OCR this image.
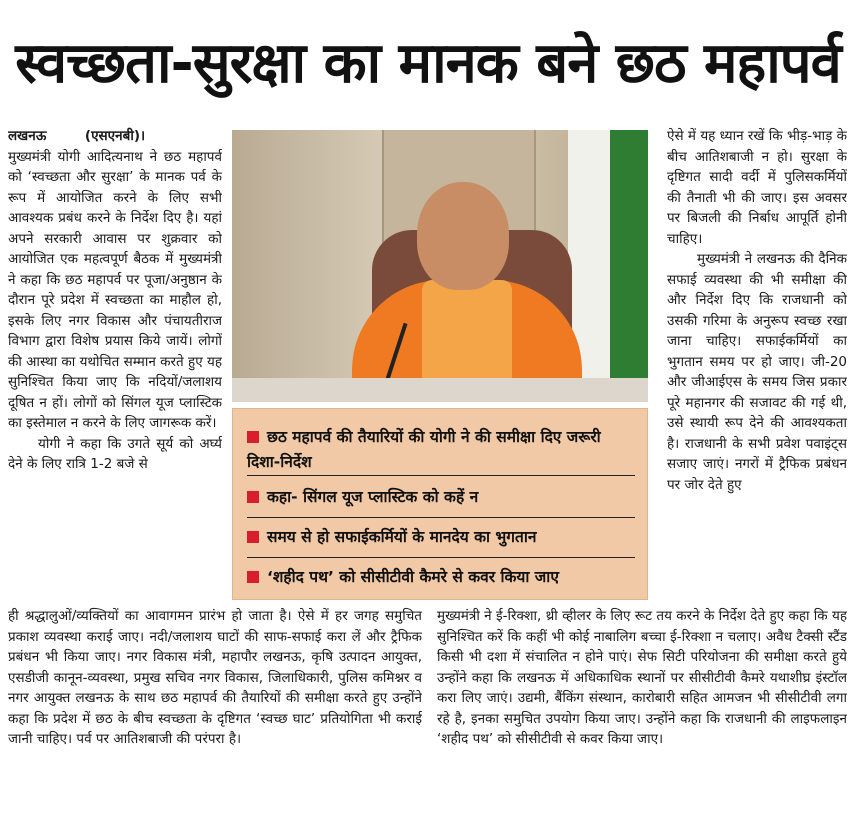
स्वच्छता-सुरक्षा का मानक बने छठ महापर्व

लखनऊ	(एसएनबी)।

मुख्यमंत्री योगी आदित्यनाथ ने छठ महापर्व को ‘स्वच्छता और सुरक्षा’ के मानक पर्व के रूप में आयोजित करने के लिए सभी आवश्यक प्रबंध करने के निर्देश दिए है। यहां अपने सरकारी आवास पर शुक्रवार को आयोजित एक महत्वपूर्ण बैठक में मुख्यमंत्री ने कहा कि छठ महापर्व पर पूजा/अनुष्ठान के दौरान पूरे प्रदेश में स्वच्छता का माहौल हो, इसके लिए नगर विकास और पंचायतीराज विभाग द्वारा विशेष प्रयास किये जायें। लोगों की आस्था का यथोचित सम्मान करते हुए यह सुनिश्चित किया जाए कि नदियों/जलाशय दूषित न हों। लोगों को सिंगल यूज प्लास्टिक का इस्तेमाल न करने के लिए जागरूक करें।

योगी ने कहा कि उगते सूर्य को अर्घ्य देने के लिए रात्रि 1-2 बजे से

छठ महापर्व की तैयारियों की योगी ने की समीक्षा दिए जरूरी दिशा-निर्देश
कहा- सिंगल यूज प्लास्टिक को कहें न
समय से हो सफाईकर्मियों के मानदेय का भुगतान
‘शहीद पथ’ को सीसीटीवी कैमरे से कवर किया जाए

ऐसे में यह ध्यान रखें कि भीड़-भाड़ के बीच आतिशबाजी न हो। सुरक्षा के दृष्टिगत सादी वर्दी में पुलिसकर्मियों की तैनाती भी की जाए। इस अवसर पर बिजली की निर्बाध आपूर्ति होनी चाहिए।

मुख्यमंत्री ने लखनऊ की दैनिक सफाई व्यवस्था की भी समीक्षा की और निर्देश दिए कि राजधानी को उसकी गरिमा के अनुरूप स्वच्छ रखा जाना चाहिए। सफाईकर्मियों का भुगतान समय पर हो जाए। जी-20 और जीआईएस के समय जिस प्रकार पूरे महानगर की सजावट की गई थी, उसे स्थायी रूप देने की आवश्यकता है। राजधानी के सभी प्रवेश पवाइंट्स सजाए जाएं। नगरों में ट्रैफिक प्रबंधन पर जोर देते हुए

ही श्रद्धालुओं/व्यक्तियों का आवागमन प्रारंभ हो जाता है। ऐसे में हर जगह समुचित प्रकाश व्यवस्था कराई जाए। नदी/जलाशय घाटों की साफ-सफाई करा लें और ट्रैफिक प्रबंधन भी किया जाए। नगर विकास मंत्री, महापौर लखनऊ, कृषि उत्पादन आयुक्त, एसडीजी कानून-व्यवस्था, प्रमुख सचिव नगर विकास, जिलाधिकारी, पुलिस कमिश्नर व नगर आयुक्त लखनऊ के साथ छठ महापर्व की तैयारियों की समीक्षा करते हुए उन्होंने कहा कि प्रदेश में छठ के बीच स्वच्छता के दृष्टिगत ‘स्वच्छ घाट’ प्रतियोगिता भी कराई जानी चाहिए। पर्व पर आतिशबाजी की परंपरा है।

मुख्यमंत्री ने ई-रिक्शा, थ्री व्हीलर के लिए रूट तय करने के निर्देश देते हुए कहा कि यह सुनिश्चित करें कि कहीं भी कोई नाबालिग बच्चा ई-रिक्शा न चलाए। अवैध टैक्सी स्टैंड किसी भी दशा में संचालित न होने पाएं। सेफ सिटी परियोजना की समीक्षा करते हुये उन्होंने कहा कि लखनऊ में अधिकाधिक स्थानों पर सीसीटीवी कैमरे यथाशीघ्र इंस्टॉल करा लिए जाएं। उद्यमी, बैंकिंग संस्थान, कारोबारी सहित आमजन भी सीसीटीवी लगा रहे है, इनका समुचित उपयोग किया जाए। उन्होंने कहा कि राजधानी की लाइफलाइन ‘शहीद पथ’ को सीसीटीवी से कवर किया जाए।
